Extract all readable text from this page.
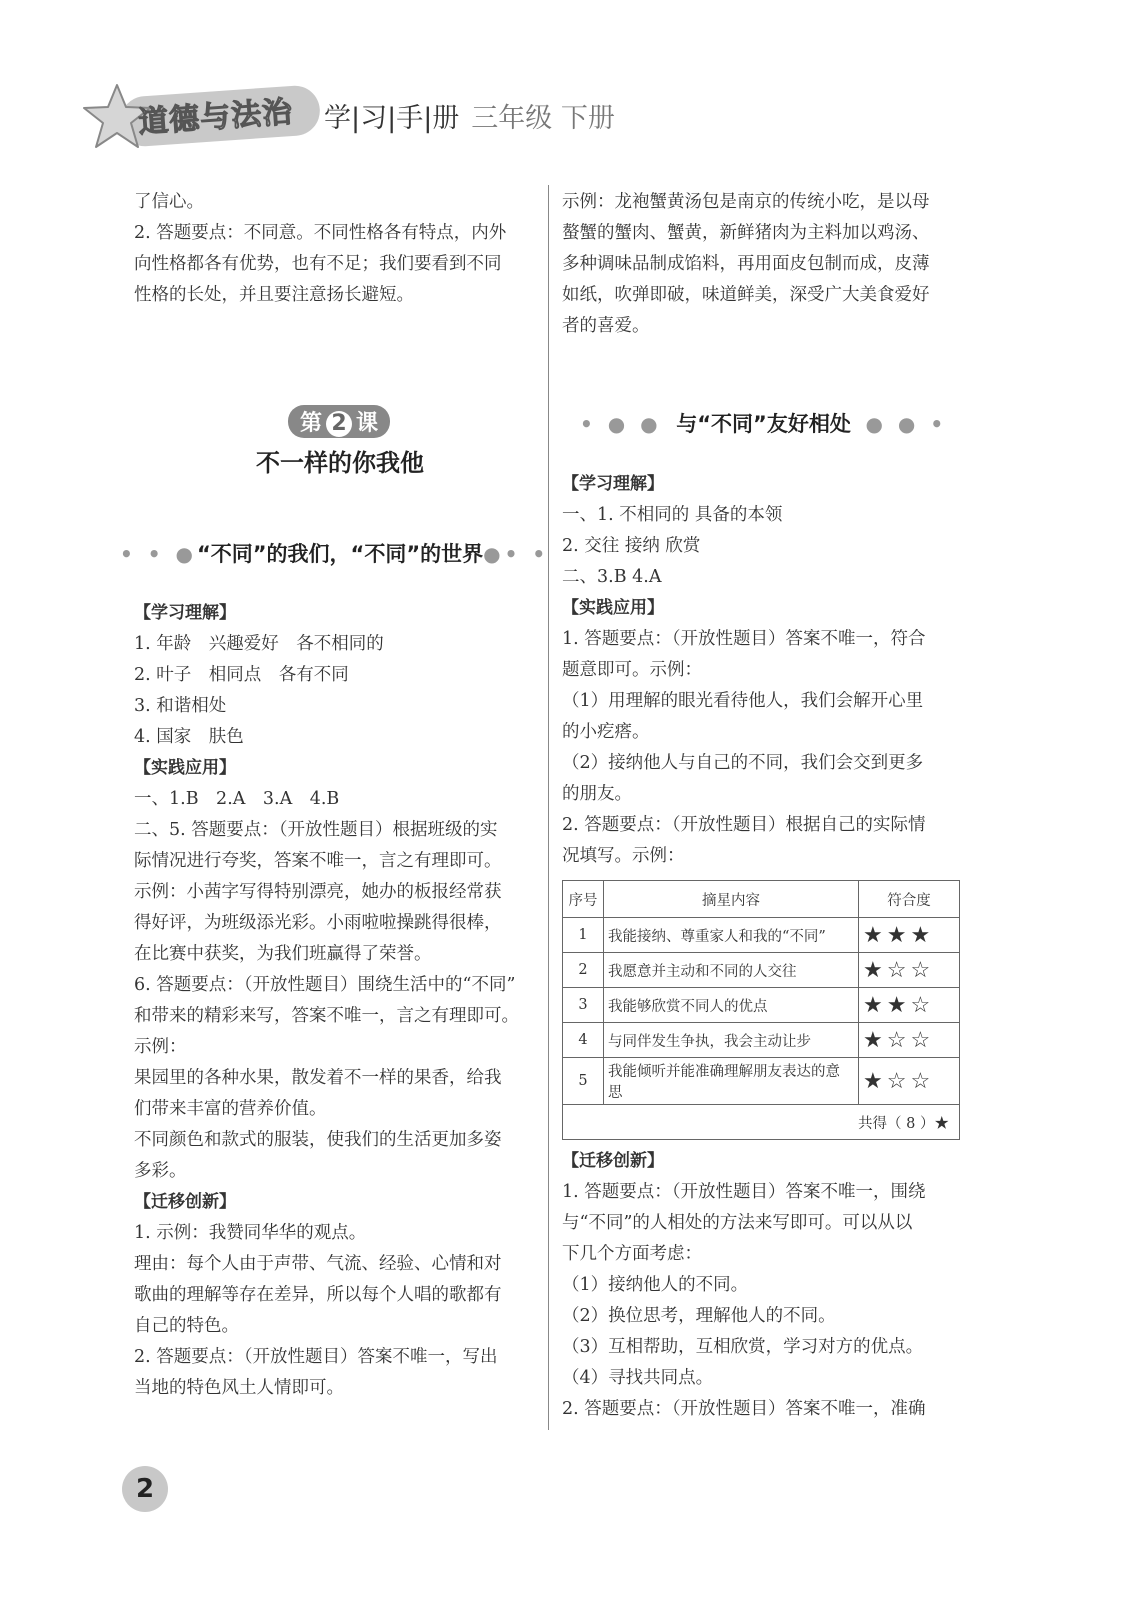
道德与法治 学|习|手|册 三年级 下册

了信心。

2. 答题要点：不同意。不同性格各有特点，内外

向性格都各有优势，也有不足；我们要看到不同

性格的长处，并且要注意扬长避短。

示例：龙袍蟹黄汤包是南京的传统小吃，是以母

螯蟹的蟹肉、蟹黄，新鲜猪肉为主料加以鸡汤、

多种调味品制成馅料，再用面皮包制而成，皮薄

如纸，吹弹即破，味道鲜美，深受广大美食爱好

者的喜爱。

第 2 课
不一样的你我他
• • ●“不同”的我们，“不同”的世界●• •
• ● ● 与“不同”友好相处 ● ● •

【学习理解】

1. 年龄　兴趣爱好　各不相同的

2. 叶子　相同点　各有不同

3. 和谐相处

4. 国家　肤色

【实践应用】

一、1.B　2.A　3.A　4.B

二、5. 答题要点：（开放性题目）根据班级的实

际情况进行夸奖，答案不唯一，言之有理即可。

示例：小茜字写得特别漂亮，她办的板报经常获

得好评，为班级添光彩。小雨啦啦操跳得很棒，

在比赛中获奖，为我们班赢得了荣誉。

6. 答题要点：（开放性题目）围绕生活中的“不同”

和带来的精彩来写，答案不唯一，言之有理即可。

示例：

果园里的各种水果，散发着不一样的果香，给我

们带来丰富的营养价值。

不同颜色和款式的服装，使我们的生活更加多姿

多彩。

【迁移创新】

1. 示例：我赞同华华的观点。

理由：每个人由于声带、气流、经验、心情和对

歌曲的理解等存在差异，所以每个人唱的歌都有

自己的特色。

2. 答题要点：（开放性题目）答案不唯一，写出

当地的特色风土人情即可。

【学习理解】

一、1. 不相同的 具备的本领

2. 交往 接纳 欣赏

二、3.B 4.A

【实践应用】

1. 答题要点：（开放性题目）答案不唯一，符合

题意即可。示例：

（1）用理解的眼光看待他人，我们会解开心里

的小疙瘩。

（2）接纳他人与自己的不同，我们会交到更多

的朋友。

2. 答题要点：（开放性题目）根据自己的实际情

况填写。示例：

序号	摘星内容	符合度
1	我能接纳、尊重家人和我的“不同”	★★★
2	我愿意并主动和不同的人交往	★☆☆
3	我能够欣赏不同人的优点	★★☆
4	与同伴发生争执，我会主动让步	★☆☆
5	我能倾听并能准确理解朋友表达的意思	★☆☆
共得（ 8 ）★		

【迁移创新】

1. 答题要点：（开放性题目）答案不唯一，围绕

与“不同”的人相处的方法来写即可。可以从以

下几个方面考虑：

（1）接纳他人的不同。

（2）换位思考，理解他人的不同。

（3）互相帮助，互相欣赏，学习对方的优点。

（4）寻找共同点。

2. 答题要点：（开放性题目）答案不唯一，准确

2
